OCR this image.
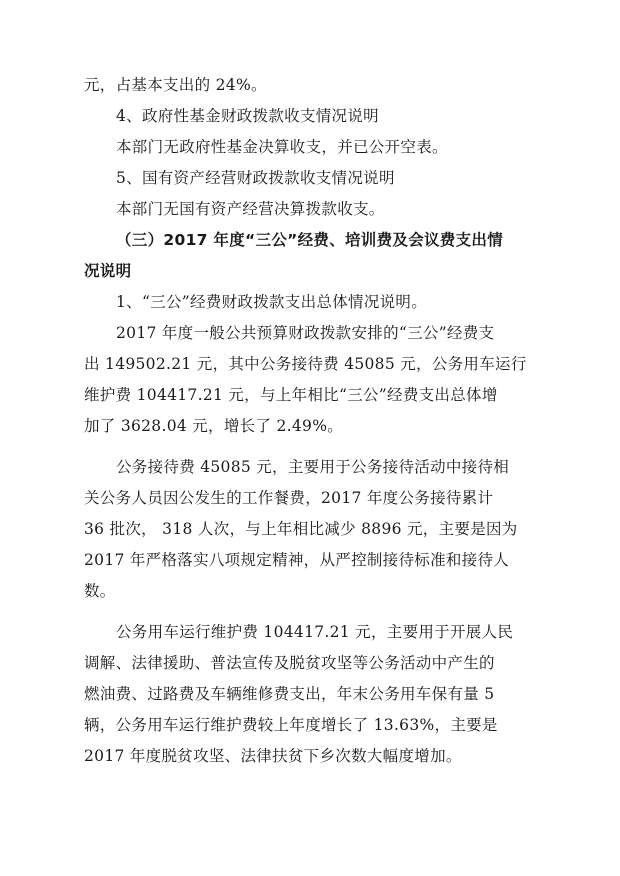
元，占基本支出的 24%。
4、政府性基金财政拨款收支情况说明
本部门无政府性基金决算收支，并已公开空表。
5、国有资产经营财政拨款收支情况说明
本部门无国有资产经营决算拨款收支。
（三）2017 年度“三公”经费、培训费及会议费支出情
况说明
1、“三公”经费财政拨款支出总体情况说明。
2017 年度一般公共预算财政拨款安排的“三公”经费支
出 149502.21 元，其中公务接待费 45085 元，公务用车运行
维护费 104417.21 元，与上年相比“三公”经费支出总体增
加了 3628.04 元，增长了 2.49%。
公务接待费 45085 元，主要用于公务接待活动中接待相
关公务人员因公发生的工作餐费，2017 年度公务接待累计
36 批次， 318 人次，与上年相比减少 8896 元，主要是因为
2017 年严格落实八项规定精神，从严控制接待标准和接待人
数。
公务用车运行维护费 104417.21 元，主要用于开展人民
调解、法律援助、普法宣传及脱贫攻坚等公务活动中产生的
燃油费、过路费及车辆维修费支出，年末公务用车保有量 5
辆，公务用车运行维护费较上年度增长了 13.63%，主要是
2017 年度脱贫攻坚、法律扶贫下乡次数大幅度增加。
